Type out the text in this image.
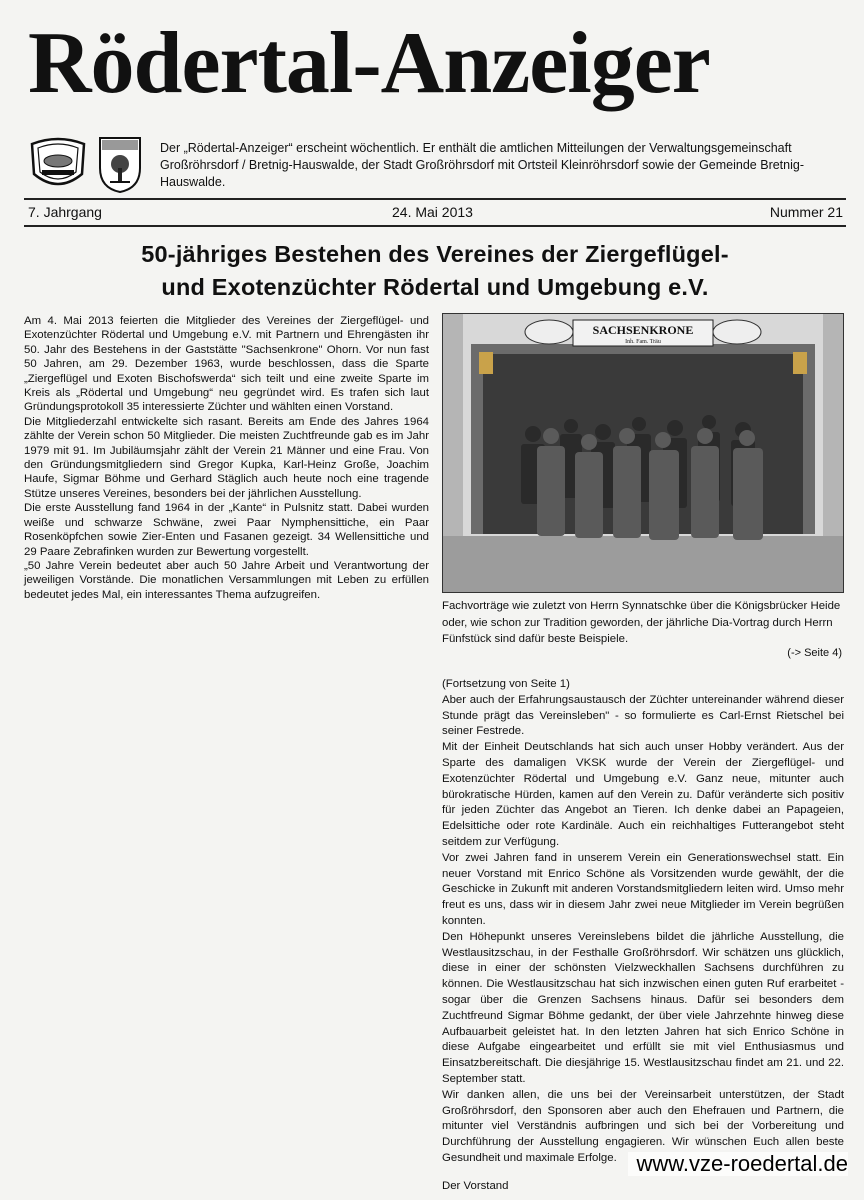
Rödertal-Anzeiger
Der „Rödertal-Anzeiger“ erscheint wöchentlich. Er enthält die amtlichen Mitteilungen der Verwaltungsgemeinschaft Großröhrsdorf / Bretnig-Hauswalde, der Stadt Großröhrsdorf mit Ortsteil Kleinröhrsdorf sowie der Gemeinde Bretnig-Hauswalde.
7. Jahrgang	24. Mai 2013	Nummer 21
50-jähriges Bestehen des Vereines der Ziergeflügel-
und Exotenzüchter Rödertal und Umgebung e.V.

Am 4. Mai 2013 feierten die Mitglieder des Vereines der Ziergeflügel- und Exotenzüchter Rödertal und Umgebung e.V. mit Partnern und Ehrengästen ihr 50. Jahr des Bestehens in der Gaststätte "Sachsenkrone" Ohorn. Vor nun fast 50 Jahren, am 29. Dezember 1963, wurde beschlossen, dass die Sparte „Ziergeflügel und Exoten Bischofswerda“ sich teilt und eine zweite Sparte im Kreis als „Rödertal und Umgebung“ neu gegründet wird. Es trafen sich laut Gründungsprotokoll 35 interessierte Züchter und wählten einen Vorstand.

Die Mitgliederzahl entwickelte sich rasant. Bereits am Ende des Jahres 1964 zählte der Verein schon 50 Mitglieder. Die meisten Zuchtfreunde gab es im Jahr 1979 mit 91. Im Jubiläumsjahr zählt der Verein 21 Männer und eine Frau. Von den Gründungsmitgliedern sind Gregor Kupka, Karl-Heinz Große, Joachim Haufe, Sigmar Böhme und Gerhard Stäglich auch heute noch eine tragende Stütze unseres Vereines, besonders bei der jährlichen Ausstellung.

Die erste Ausstellung fand 1964 in der „Kante“ in Pulsnitz statt. Dabei wurden weiße und schwarze Schwäne, zwei Paar Nymphensittiche, ein Paar Rosenköpfchen sowie Zier-Enten und Fasanen gezeigt. 34 Wellensittiche und 29 Paare Zebrafinken wurden zur Bewertung vorgestellt.

„50 Jahre Verein bedeutet aber auch 50 Jahre Arbeit und Verantwortung der jeweiligen Vorstände. Die monatlichen Versammlungen mit Leben zu erfüllen bedeutet jedes Mal, ein interessantes Thema aufzugreifen.

SACHSENKRONE
Inh. Fam. Träu
Fachvorträge wie zuletzt von Herrn Synnatschke über die Königsbrücker Heide oder, wie schon zur Tradition geworden, der jährliche Dia-Vortrag durch Herrn Fünfstück sind dafür beste Beispiele.
(-> Seite 4)

(Fortsetzung von Seite 1)

Aber auch der Erfahrungsaustausch der Züchter untereinander während dieser Stunde prägt das Vereinsleben" - so formulierte es Carl-Ernst Rietschel bei seiner Festrede.

Mit der Einheit Deutschlands hat sich auch unser Hobby verändert. Aus der Sparte des damaligen VKSK wurde der Verein der Ziergeflügel- und Exotenzüchter Rödertal und Umgebung e.V. Ganz neue, mitunter auch bürokratische Hürden, kamen auf den Verein zu. Dafür veränderte sich positiv für jeden Züchter das Angebot an Tieren. Ich denke dabei an Papageien, Edelsittiche oder rote Kardinäle. Auch ein reichhaltiges Futterangebot steht seitdem zur Verfügung.

Vor zwei Jahren fand in unserem Verein ein Generationswechsel statt. Ein neuer Vorstand mit Enrico Schöne als Vorsitzenden wurde gewählt, der die Geschicke in Zukunft mit anderen Vorstandsmitgliedern leiten wird. Umso mehr freut es uns, dass wir in diesem Jahr zwei neue Mitglieder im Verein begrüßen konnten.

Den Höhepunkt unseres Vereinslebens bildet die jährliche Ausstellung, die Westlausitzschau, in der Festhalle Großröhrsdorf. Wir schätzen uns glücklich, diese in einer der schönsten Vielzweckhallen Sachsens durchführen zu können. Die Westlausitzschau hat sich inzwischen einen guten Ruf erarbeitet - sogar über die Grenzen Sachsens hinaus. Dafür sei besonders dem Zuchtfreund Sigmar Böhme gedankt, der über viele Jahrzehnte hinweg diese Aufbauarbeit geleistet hat. In den letzten Jahren hat sich Enrico Schöne in diese Aufgabe eingearbeitet und erfüllt sie mit viel Enthusiasmus und Einsatzbereitschaft. Die diesjährige 15. Westlausitzschau findet am 21. und 22. September statt.

Wir danken allen, die uns bei der Vereinsarbeit unterstützen, der Stadt Großröhrsdorf, den Sponsoren aber auch den Ehefrauen und Partnern, die mitunter viel Verständnis aufbringen und sich bei der Vorbereitung und Durchführung der Ausstellung engagieren. Wir wünschen Euch allen beste Gesundheit und maximale Erfolge.

Der Vorstand

www.vze-roedertal.de
